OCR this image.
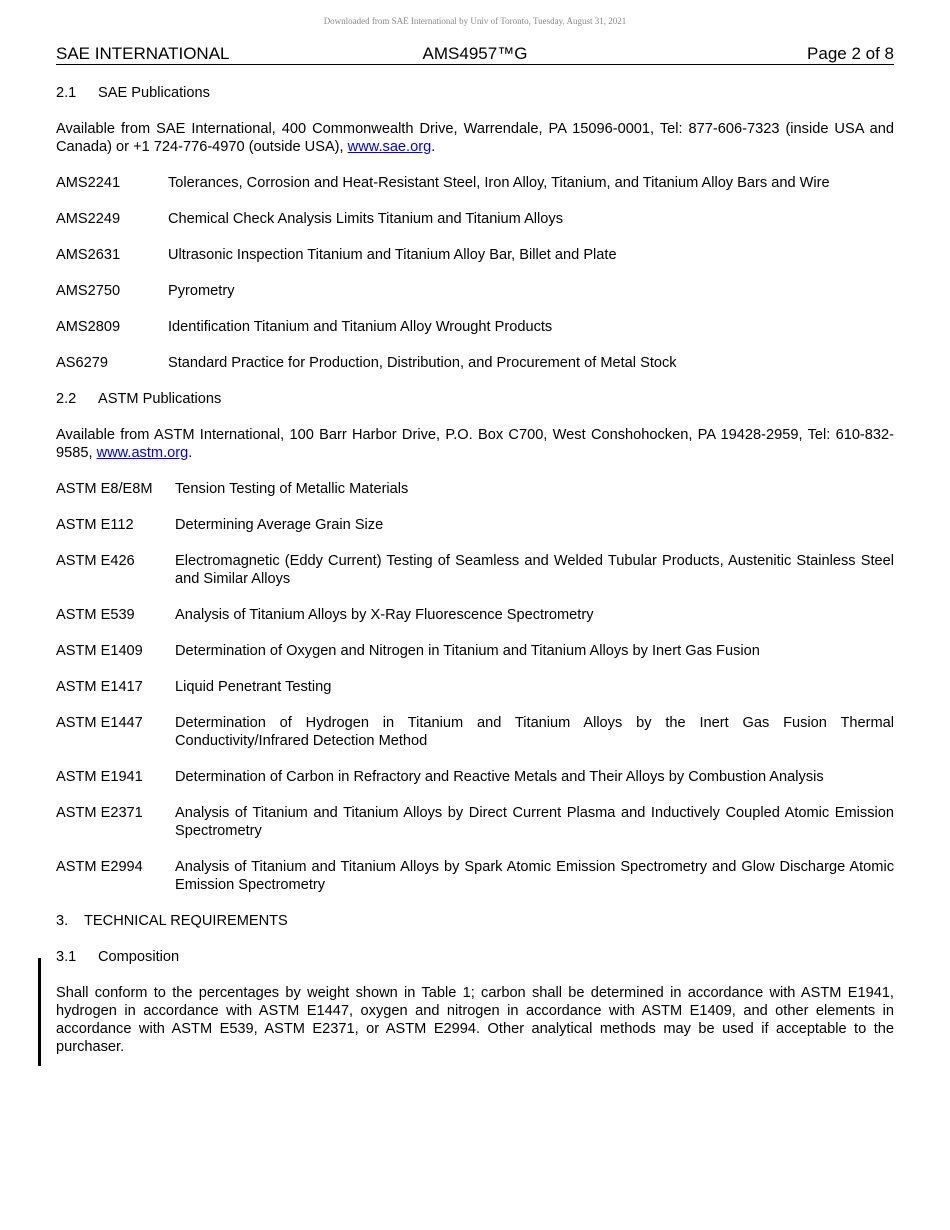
Downloaded from SAE International by Univ of Toronto, Tuesday, August 31, 2021
AMS4957™G
SAE INTERNATIONAL	Page 2 of 8
2.1 SAE Publications

Available from SAE International, 400 Commonwealth Drive, Warrendale, PA 15096-0001, Tel: 877-606-7323 (inside USA and Canada) or +1 724-776-4970 (outside USA), www.sae.org.

AMS2241	Tolerances, Corrosion and Heat-Resistant Steel, Iron Alloy, Titanium, and Titanium Alloy Bars and Wire
AMS2249	Chemical Check Analysis Limits Titanium and Titanium Alloys
AMS2631	Ultrasonic Inspection Titanium and Titanium Alloy Bar, Billet and Plate
AMS2750	Pyrometry
AMS2809	Identification Titanium and Titanium Alloy Wrought Products
AS6279	Standard Practice for Production, Distribution, and Procurement of Metal Stock
2.2 ASTM Publications

Available from ASTM International, 100 Barr Harbor Drive, P.O. Box C700, West Conshohocken, PA 19428-2959, Tel: 610-832-9585, www.astm.org.

ASTM E8/E8M	Tension Testing of Metallic Materials
ASTM E112	Determining Average Grain Size
ASTM E426	Electromagnetic (Eddy Current) Testing of Seamless and Welded Tubular Products, Austenitic Stainless Steel and Similar Alloys
ASTM E539	Analysis of Titanium Alloys by X-Ray Fluorescence Spectrometry
ASTM E1409	Determination of Oxygen and Nitrogen in Titanium and Titanium Alloys by Inert Gas Fusion
ASTM E1417	Liquid Penetrant Testing
ASTM E1447	Determination of Hydrogen in Titanium and Titanium Alloys by the Inert Gas Fusion Thermal Conductivity/Infrared Detection Method
ASTM E1941	Determination of Carbon in Refractory and Reactive Metals and Their Alloys by Combustion Analysis
ASTM E2371	Analysis of Titanium and Titanium Alloys by Direct Current Plasma and Inductively Coupled Atomic Emission Spectrometry
ASTM E2994	Analysis of Titanium and Titanium Alloys by Spark Atomic Emission Spectrometry and Glow Discharge Atomic Emission Spectrometry
3. TECHNICAL REQUIREMENTS
3.1 Composition

Shall conform to the percentages by weight shown in Table 1; carbon shall be determined in accordance with ASTM E1941, hydrogen in accordance with ASTM E1447, oxygen and nitrogen in accordance with ASTM E1409, and other elements in accordance with ASTM E539, ASTM E2371, or ASTM E2994. Other analytical methods may be used if acceptable to the purchaser.
